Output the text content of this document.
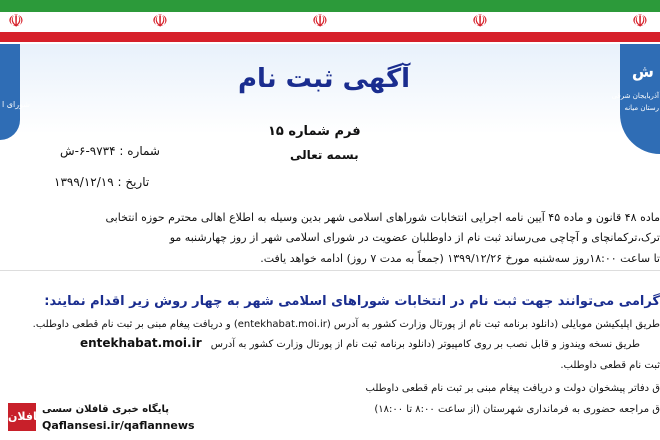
☫	☫	☫	☫	☫
شورای ا
ش
آذربایجان شرقی
رستان میانه
آگهی ثبت نام
فرم شماره ۱۵
بسمه تعالی
شماره : ۹۷۳۴-۶-ش
تاریخ : ۱۳۹۹/۱۲/۱۹
ماده ۴۸ قانون و ماده ۴۵ آیین نامه اجرایی انتخابات شوراهای اسلامی شهر بدین وسیله به اطلاع اهالی محترم حوزه انتخابی
ترک،ترکمانچای و آچاچی می‌رساند ثبت نام از داوطلبان عضویت در شورای اسلامی شهر از روز چهارشنبه مو
تا ساعت ۱۸:۰۰روز سه‌شنبه مورخ ۱۳۹۹/۱۲/۲۶ (جمعاً به مدت ۷ روز) ادامه خواهد یافت.
گرامی می‌توانند جهت ثبت نام در انتخابات شوراهای اسلامی شهر به چهار روش زیر اقدام نمایند:
طریق اپلیکیشن موبایلی (دانلود برنامه ثبت نام از پورتال وزارت کشور به آدرس (entekhabat.moi.ir) و دریافت پیغام مبنی بر ثبت نام قطعی داوطلب.
طریق نسخه ویندوز و قابل نصب بر روی کامپیوتر (دانلود برنامه ثبت نام از پورتال وزارت کشور به آدرس
entekhabat.moi.ir
ثبت نام قطعی داوطلب.
ق دفاتر پیشخوان دولت و دریافت پیغام مبنی بر ثبت نام قطعی داوطلب
ق مراجعه حضوری به فرمانداری شهرستان (از ساعت ۸:۰۰ تا ۱۸:۰۰)
قافلان
پایگاه خبری قافلان سسی
Qaflansesi.ir/qaflannews
